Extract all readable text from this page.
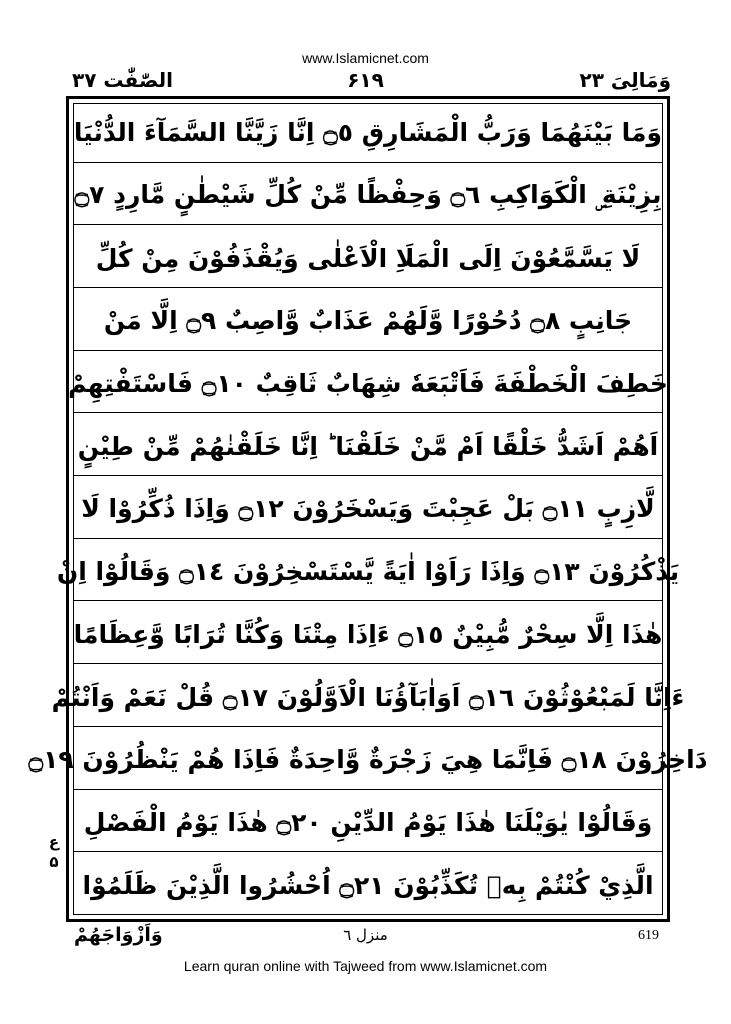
www.Islamicnet.com
وَمَالِیَ ۲۳
۶۱۹
الصّٰفّٰت ۳۷
وَمَا بَيْنَهُمَا وَرَبُّ الْمَشَارِقِ ۝٥ اِنَّا زَيَّنَّا السَّمَآءَ الدُّنْيَا
بِزِيْنَةِ ۣ الْكَوَاكِبِ ۝٦ وَحِفْظًا مِّنْ كُلِّ شَيْطٰنٍ مَّارِدٍ ۝٧
لَا يَسَّمَّعُوْنَ اِلَى الْمَلَاِ الْاَعْلٰى وَيُقْذَفُوْنَ مِنْ كُلِّ
جَانِبٍ ۝٨ دُحُوْرًا وَّلَهُمْ عَذَابٌ وَّاصِبٌ ۝٩ اِلَّا مَنْ
خَطِفَ الْخَطْفَةَ فَاَتْبَعَهٗ شِهَابٌ ثَاقِبٌ ۝١٠ فَاسْتَفْتِهِمْ
اَهُمْ اَشَدُّ خَلْقًا اَمْ مَّنْ خَلَقْنَا ؕ اِنَّا خَلَقْنٰهُمْ مِّنْ طِيْنٍ
لَّازِبٍ ۝١١ بَلْ عَجِبْتَ وَيَسْخَرُوْنَ ۝١٢ وَاِذَا ذُكِّرُوْا لَا
يَذْكُرُوْنَ ۝١٣ وَاِذَا رَاَوْا اٰيَةً يَّسْتَسْخِرُوْنَ ۝١٤ وَقَالُوْا اِنْ
هٰذَا اِلَّا سِحْرٌ مُّبِيْنٌ ۝١٥ ءَاِذَا مِتْنَا وَكُنَّا تُرَابًا وَّعِظَامًا
ءَاِنَّا لَمَبْعُوْثُوْنَ ۝١٦ اَوَاٰبَآؤُنَا الْاَوَّلُوْنَ ۝١٧ قُلْ نَعَمْ وَاَنْتُمْ
دَاخِرُوْنَ ۝١٨ فَاِنَّمَا هِيَ زَجْرَةٌ وَّاحِدَةٌ فَاِذَا هُمْ يَنْظُرُوْنَ ۝١٩
وَقَالُوْا يٰوَيْلَنَا هٰذَا يَوْمُ الدِّيْنِ ۝٢٠ هٰذَا يَوْمُ الْفَصْلِ
الَّذِيْ كُنْتُمْ بِهٖ تُكَذِّبُوْنَ ۝٢١ اُحْشُرُوا الَّذِيْنَ ظَلَمُوْا
ع ۵
وَاَزْوَاجَهُمْ	منزل ٦	619
Learn quran online with Tajweed from www.Islamicnet.com
